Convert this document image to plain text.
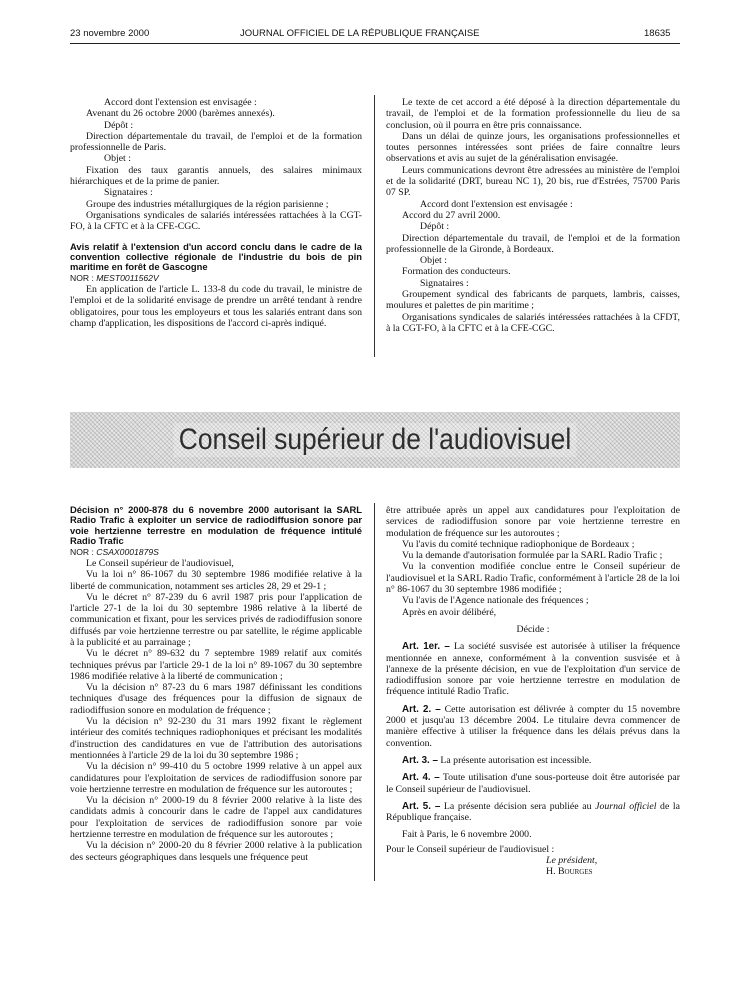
23 novembre 2000	JOURNAL OFFICIEL DE LA RÉPUBLIQUE FRANÇAISE	18635

Accord dont l'extension est envisagée :

Avenant du 26 octobre 2000 (barèmes annexés).

Dépôt :

Direction départementale du travail, de l'emploi et de la formation professionnelle de Paris.

Objet :

Fixation des taux garantis annuels, des salaires minimaux hiérarchiques et de la prime de panier.

Signataires :

Groupe des industries métallurgiques de la région parisienne ;

Organisations syndicales de salariés intéressées rattachées à la CGT-FO, à la CFTC et à la CFE-CGC.

Avis relatif à l'extension d'un accord conclu dans le cadre de la convention collective régionale de l'industrie du bois de pin maritime en forêt de Gascogne

NOR : MEST0011562V

En application de l'article L. 133-8 du code du travail, le ministre de l'emploi et de la solidarité envisage de prendre un arrêté tendant à rendre obligatoires, pour tous les employeurs et tous les salariés entrant dans son champ d'application, les dispositions de l'accord ci-après indiqué.

Le texte de cet accord a été déposé à la direction départementale du travail, de l'emploi et de la formation professionnelle du lieu de sa conclusion, où il pourra en être pris connaissance.

Dans un délai de quinze jours, les organisations professionnelles et toutes personnes intéressées sont priées de faire connaître leurs observations et avis au sujet de la généralisation envisagée.

Leurs communications devront être adressées au ministère de l'emploi et de la solidarité (DRT, bureau NC 1), 20 bis, rue d'Estrées, 75700 Paris 07 SP.

Accord dont l'extension est envisagée :

Accord du 27 avril 2000.

Dépôt :

Direction départementale du travail, de l'emploi et de la formation professionnelle de la Gironde, à Bordeaux.

Objet :

Formation des conducteurs.

Signataires :

Groupement syndical des fabricants de parquets, lambris, caisses, moulures et palettes de pin maritime ;

Organisations syndicales de salariés intéressées rattachées à la CFDT, à la CGT-FO, à la CFTC et à la CFE-CGC.

Conseil supérieur de l'audiovisuel

Décision n° 2000-878 du 6 novembre 2000 autorisant la SARL Radio Trafic à exploiter un service de radiodiffusion sonore par voie hertzienne terrestre en modulation de fréquence intitulé Radio Trafic

NOR : CSAX0001879S

Le Conseil supérieur de l'audiovisuel,

Vu la loi n° 86-1067 du 30 septembre 1986 modifiée relative à la liberté de communication, notamment ses articles 28, 29 et 29-1 ;

Vu le décret n° 87-239 du 6 avril 1987 pris pour l'application de l'article 27-1 de la loi du 30 septembre 1986 relative à la liberté de communication et fixant, pour les services privés de radiodiffusion sonore diffusés par voie hertzienne terrestre ou par satellite, le régime applicable à la publicité et au parrainage ;

Vu le décret n° 89-632 du 7 septembre 1989 relatif aux comités techniques prévus par l'article 29-1 de la loi n° 89-1067 du 30 septembre 1986 modifiée relative à la liberté de communication ;

Vu la décision n° 87-23 du 6 mars 1987 définissant les conditions techniques d'usage des fréquences pour la diffusion de signaux de radiodiffusion sonore en modulation de fréquence ;

Vu la décision n° 92-230 du 31 mars 1992 fixant le règlement intérieur des comités techniques radiophoniques et précisant les modalités d'instruction des candidatures en vue de l'attribution des autorisations mentionnées à l'article 29 de la loi du 30 septembre 1986 ;

Vu la décision n° 99-410 du 5 octobre 1999 relative à un appel aux candidatures pour l'exploitation de services de radiodiffusion sonore par voie hertzienne terrestre en modulation de fréquence sur les autoroutes ;

Vu la décision n° 2000-19 du 8 février 2000 relative à la liste des candidats admis à concourir dans le cadre de l'appel aux candidatures pour l'exploitation de services de radiodiffusion sonore par voie hertzienne terrestre en modulation de fréquence sur les autoroutes ;

Vu la décision n° 2000-20 du 8 février 2000 relative à la publication des secteurs géographiques dans lesquels une fréquence peut

être attribuée après un appel aux candidatures pour l'exploitation de services de radiodiffusion sonore par voie hertzienne terrestre en modulation de fréquence sur les autoroutes ;

Vu l'avis du comité technique radiophonique de Bordeaux ;

Vu la demande d'autorisation formulée par la SARL Radio Trafic ;

Vu la convention modifiée conclue entre le Conseil supérieur de l'audiovisuel et la SARL Radio Trafic, conformément à l'article 28 de la loi n° 86-1067 du 30 septembre 1986 modifiée ;

Vu l'avis de l'Agence nationale des fréquences ;

Après en avoir délibéré,

Décide :

Art. 1er. – La société susvisée est autorisée à utiliser la fréquence mentionnée en annexe, conformément à la convention susvisée et à l'annexe de la présente décision, en vue de l'exploitation d'un service de radiodiffusion sonore par voie hertzienne terrestre en modulation de fréquence intitulé Radio Trafic.

Art. 2. – Cette autorisation est délivrée à compter du 15 novembre 2000 et jusqu'au 13 décembre 2004. Le titulaire devra commencer de manière effective à utiliser la fréquence dans les délais prévus dans la convention.

Art. 3. – La présente autorisation est incessible.

Art. 4. – Toute utilisation d'une sous-porteuse doit être autorisée par le Conseil supérieur de l'audiovisuel.

Art. 5. – La présente décision sera publiée au Journal officiel de la République française.

Fait à Paris, le 6 novembre 2000.

Pour le Conseil supérieur de l'audiovisuel :

Le président,

H. Bourges
